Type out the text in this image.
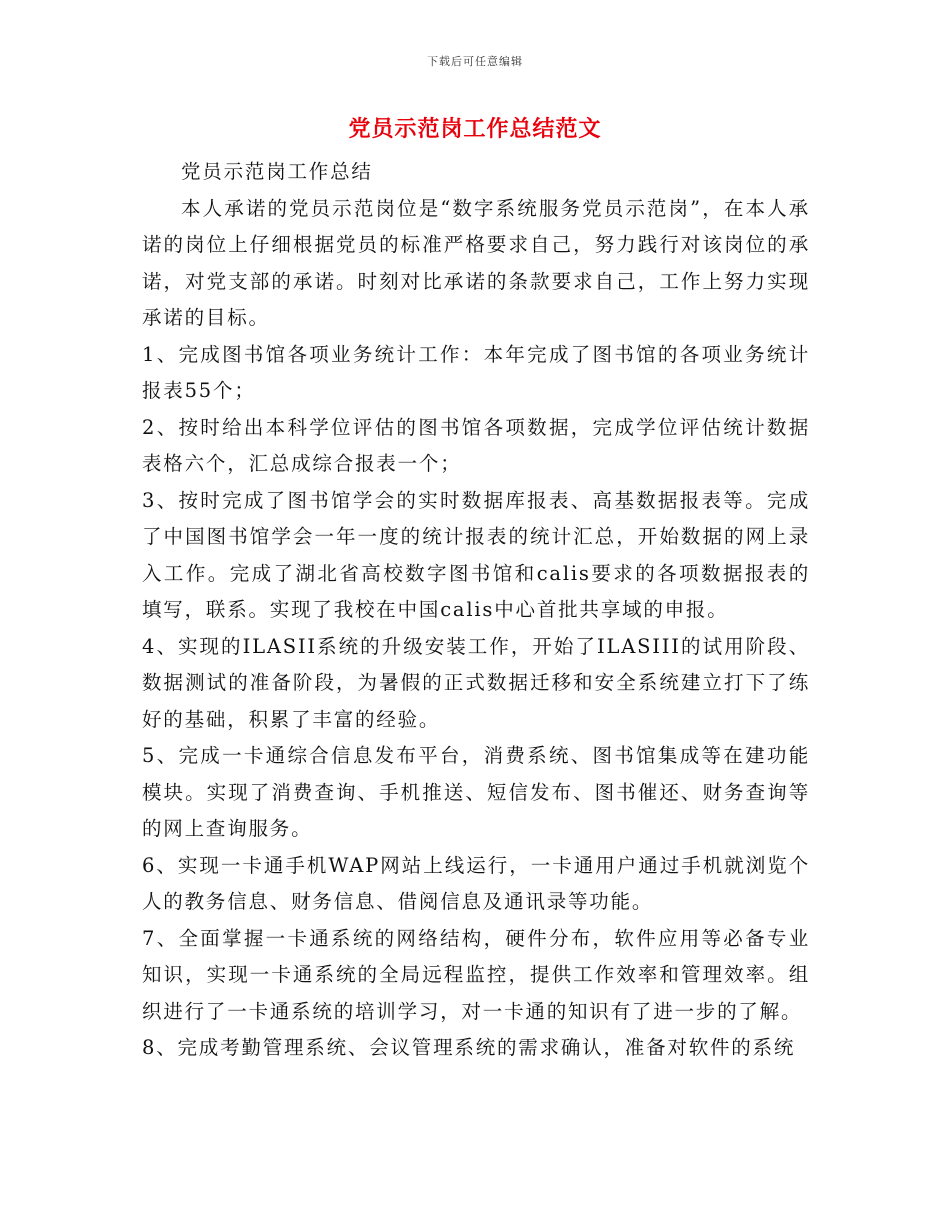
下载后可任意编辑
党员示范岗工作总结范文

党员示范岗工作总结

本人承诺的党员示范岗位是“数字系统服务党员示范岗”，在本人承诺的岗位上仔细根据党员的标准严格要求自己，努力践行对该岗位的承诺，对党支部的承诺。时刻对比承诺的条款要求自己，工作上努力实现承诺的目标。

1、完成图书馆各项业务统计工作：本年完成了图书馆的各项业务统计报表55个；

2、按时给出本科学位评估的图书馆各项数据，完成学位评估统计数据表格六个，汇总成综合报表一个；

3、按时完成了图书馆学会的实时数据库报表、高基数据报表等。完成了中国图书馆学会一年一度的统计报表的统计汇总，开始数据的网上录入工作。完成了湖北省高校数字图书馆和calis要求的各项数据报表的填写，联系。实现了我校在中国calis中心首批共享域的申报。

4、实现的ILASII系统的升级安装工作，开始了ILASIII的试用阶段、数据测试的准备阶段，为暑假的正式数据迁移和安全系统建立打下了练好的基础，积累了丰富的经验。

5、完成一卡通综合信息发布平台，消费系统、图书馆集成等在建功能模块。实现了消费查询、手机推送、短信发布、图书催还、财务查询等的网上查询服务。

6、实现一卡通手机WAP网站上线运行，一卡通用户通过手机就浏览个人的教务信息、财务信息、借阅信息及通讯录等功能。

7、全面掌握一卡通系统的网络结构，硬件分布，软件应用等必备专业知识，实现一卡通系统的全局远程监控，提供工作效率和管理效率。组织进行了一卡通系统的培训学习，对一卡通的知识有了进一步的了解。

8、完成考勤管理系统、会议管理系统的需求确认，准备对软件的系统
